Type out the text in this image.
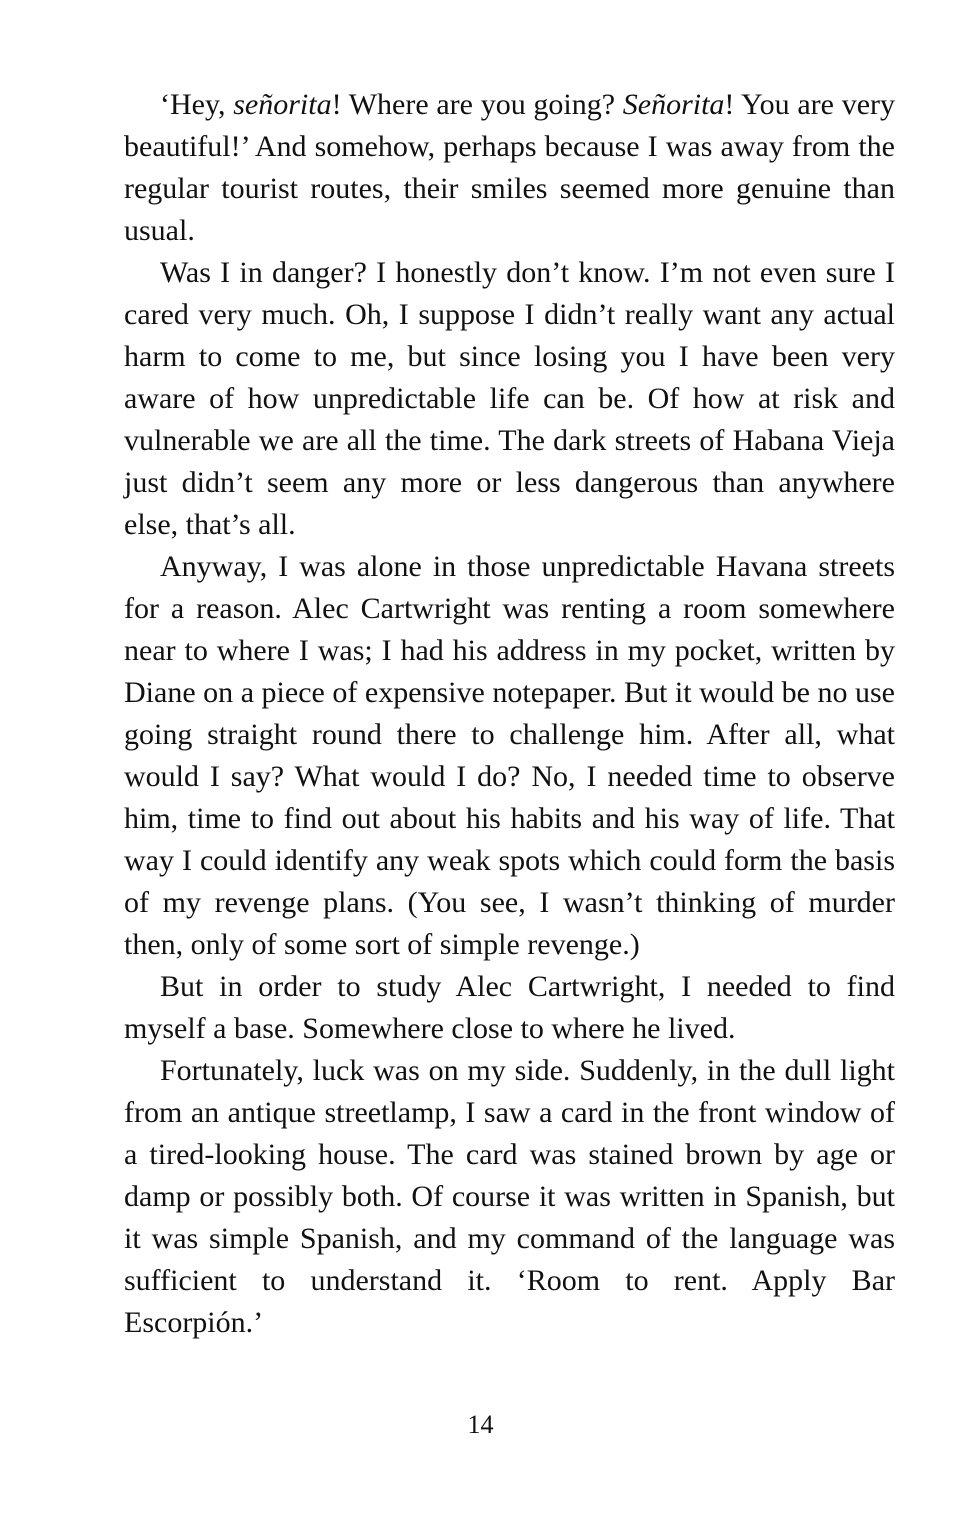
‘Hey, señorita! Where are you going? Señorita! You are very beautiful!’ And somehow, perhaps because I was away from the regular tourist routes, their smiles seemed more genuine than usual.

Was I in danger? I honestly don’t know. I’m not even sure I cared very much. Oh, I suppose I didn’t really want any actual harm to come to me, but since losing you I have been very aware of how unpredictable life can be. Of how at risk and vulnerable we are all the time. The dark streets of Habana Vieja just didn’t seem any more or less dangerous than anywhere else, that’s all.

Anyway, I was alone in those unpredictable Havana streets for a reason. Alec Cartwright was renting a room somewhere near to where I was; I had his address in my pocket, written by Diane on a piece of expensive notepaper. But it would be no use going straight round there to challenge him. After all, what would I say? What would I do? No, I needed time to observe him, time to find out about his habits and his way of life. That way I could identify any weak spots which could form the basis of my revenge plans. (You see, I wasn’t thinking of murder then, only of some sort of simple revenge.)

But in order to study Alec Cartwright, I needed to find myself a base. Somewhere close to where he lived.

Fortunately, luck was on my side. Suddenly, in the dull light from an antique streetlamp, I saw a card in the front window of a tired-looking house. The card was stained brown by age or damp or possibly both. Of course it was written in Spanish, but it was simple Spanish, and my command of the language was sufficient to understand it. ‘Room to rent. Apply Bar Escorpión.’

14
